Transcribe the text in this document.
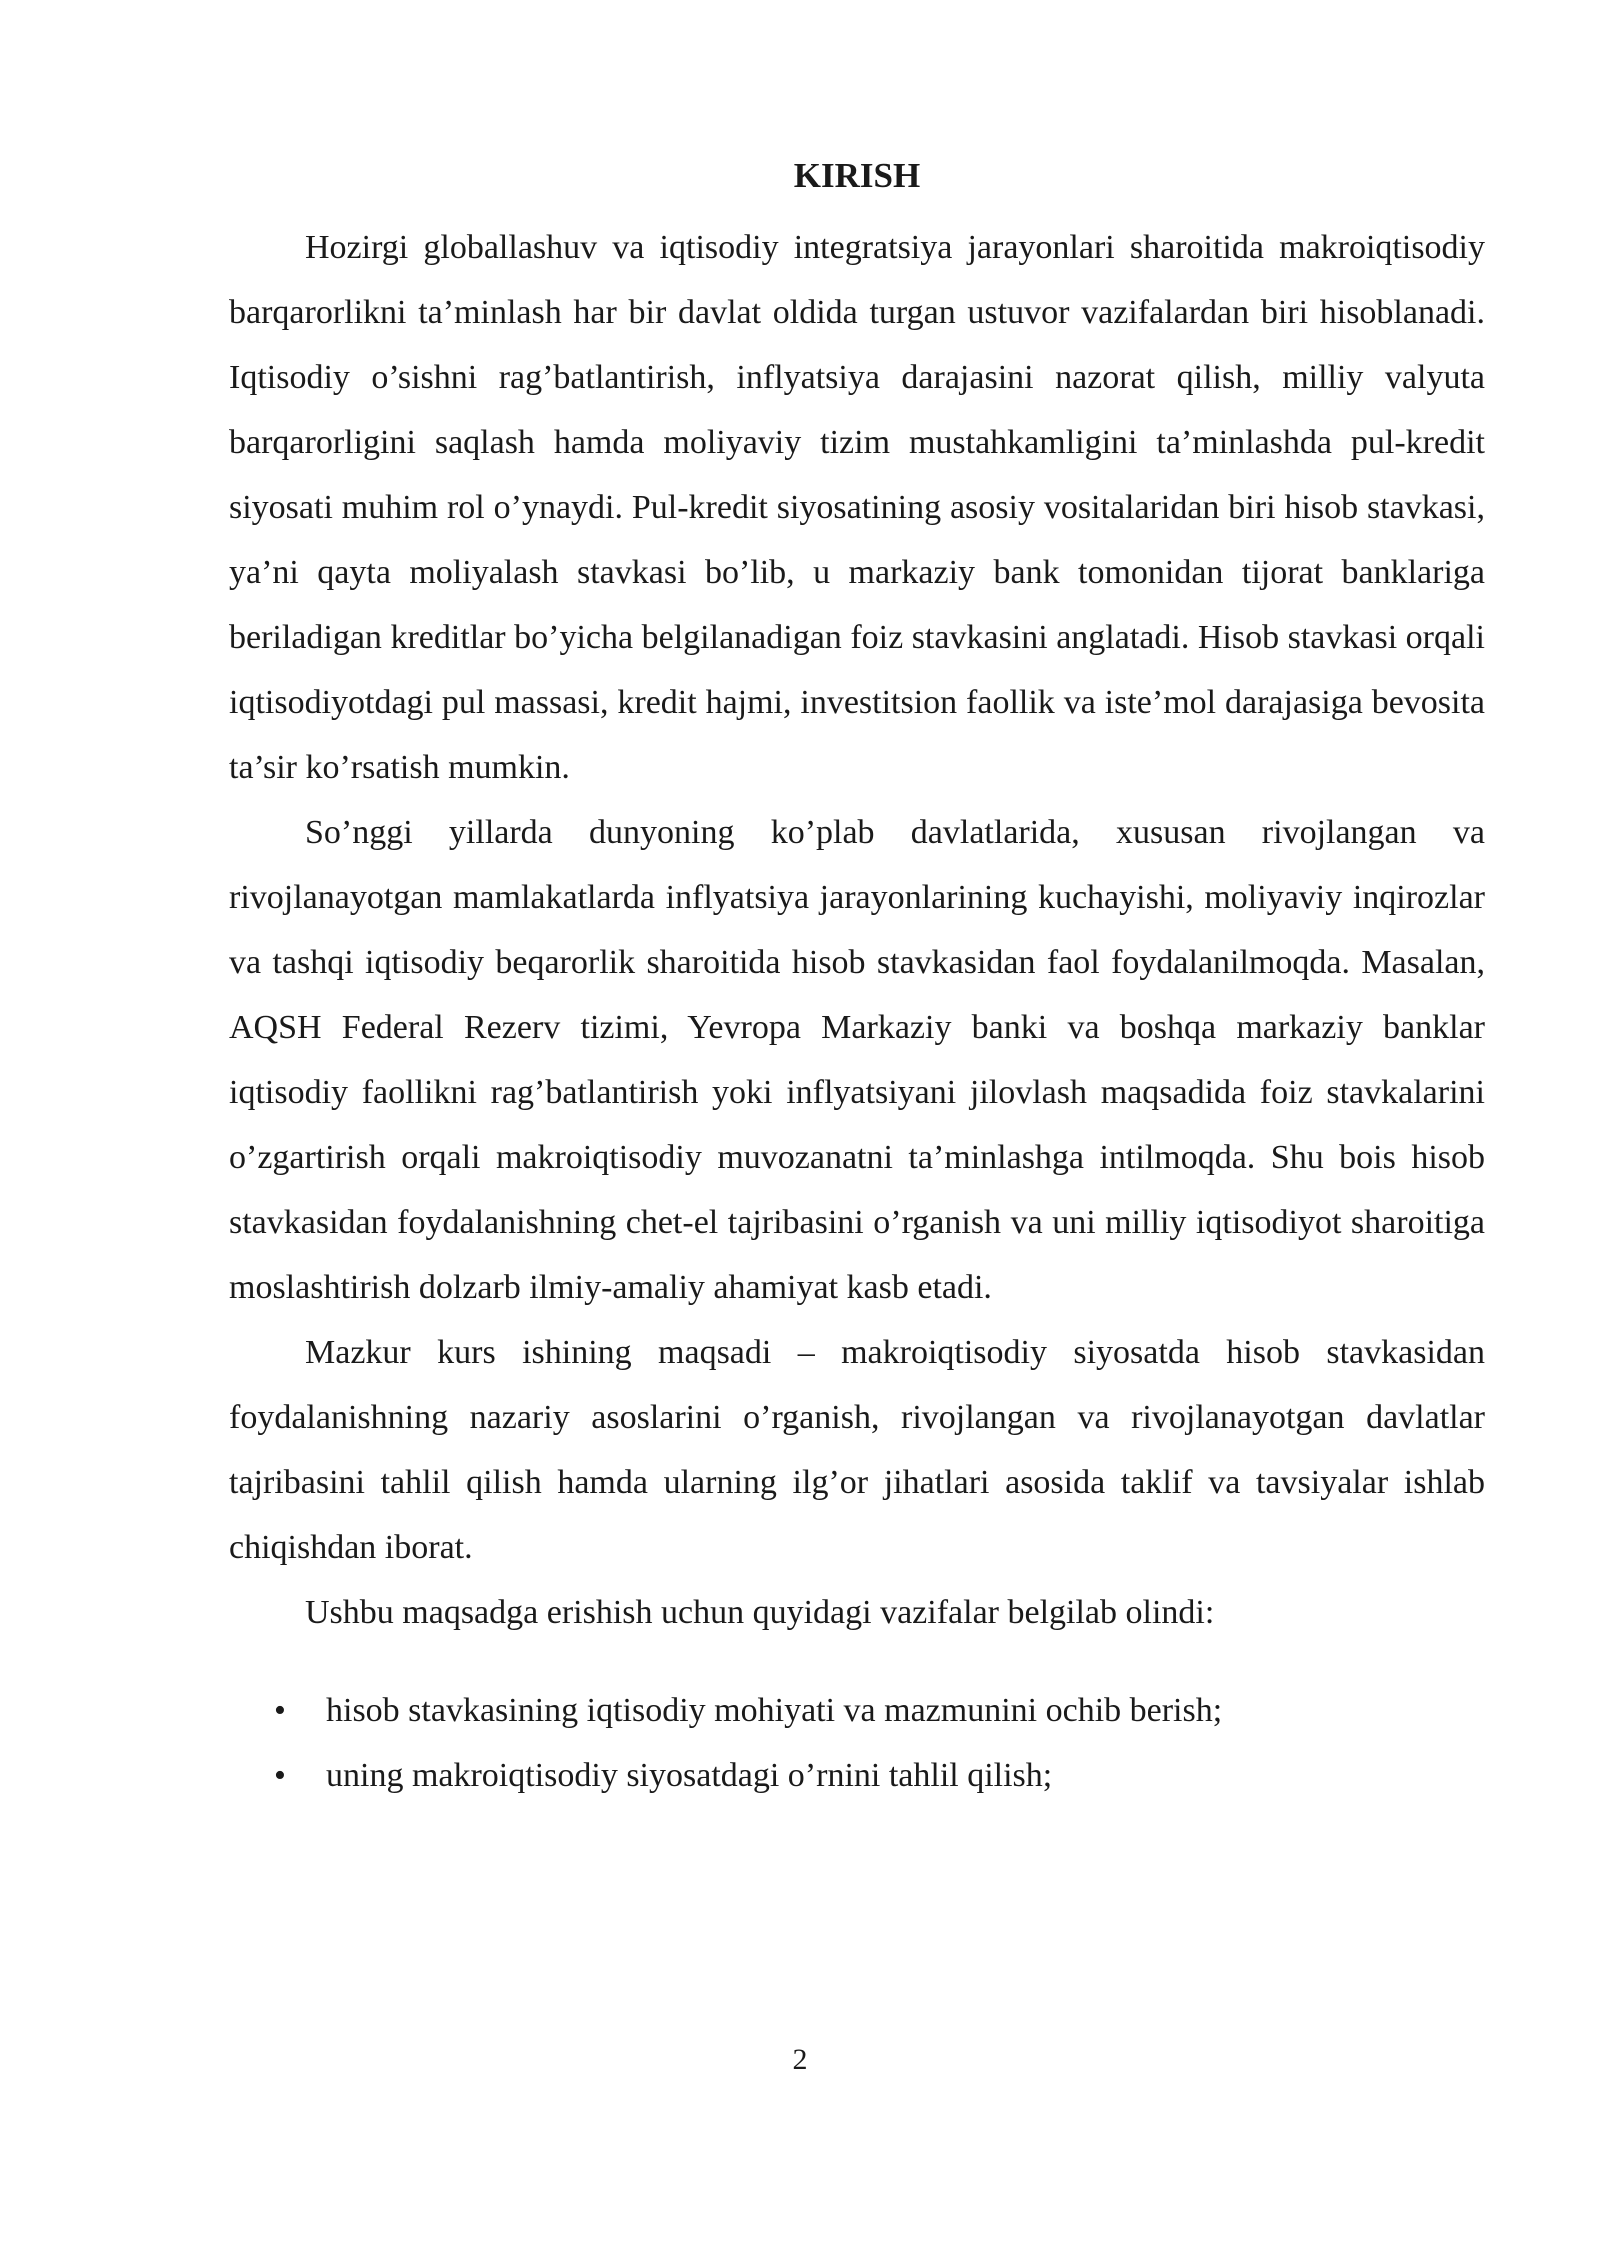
KIRISH

Hozirgi globallashuv va iqtisodiy integratsiya jarayonlari sharoitida makroiqtisodiy barqarorlikni ta’minlash har bir davlat oldida turgan ustuvor vazifalardan biri hisoblanadi. Iqtisodiy o’sishni rag’batlantirish, inflyatsiya darajasini nazorat qilish, milliy valyuta barqarorligini saqlash hamda moliyaviy tizim mustahkamligini ta’minlashda pul-kredit siyosati muhim rol o’ynaydi. Pul-kredit siyosatining asosiy vositalaridan biri hisob stavkasi, ya’ni qayta moliyalash stavkasi bo’lib, u markaziy bank tomonidan tijorat banklariga beriladigan kreditlar bo’yicha belgilanadigan foiz stavkasini anglatadi. Hisob stavkasi orqali iqtisodiyotdagi pul massasi, kredit hajmi, investitsion faollik va iste’mol darajasiga bevosita ta’sir ko’rsatish mumkin.

So’nggi yillarda dunyoning ko’plab davlatlarida, xususan rivojlangan va rivojlanayotgan mamlakatlarda inflyatsiya jarayonlarining kuchayishi, moliyaviy inqirozlar va tashqi iqtisodiy beqarorlik sharoitida hisob stavkasidan faol foydalanilmoqda. Masalan, AQSH Federal Rezerv tizimi, Yevropa Markaziy banki va boshqa markaziy banklar iqtisodiy faollikni rag’batlantirish yoki inflyatsiyani jilovlash maqsadida foiz stavkalarini o’zgartirish orqali makroiqtisodiy muvozanatni ta’minlashga intilmoqda. Shu bois hisob stavkasidan foydalanishning chet-el tajribasini o’rganish va uni milliy iqtisodiyot sharoitiga moslashtirish dolzarb ilmiy-amaliy ahamiyat kasb etadi.

Mazkur kurs ishining maqsadi – makroiqtisodiy siyosatda hisob stavkasidan foydalanishning nazariy asoslarini o’rganish, rivojlangan va rivojlanayotgan davlatlar tajribasini tahlil qilish hamda ularning ilg’or jihatlari asosida taklif va tavsiyalar ishlab chiqishdan iborat.

Ushbu maqsadga erishish uchun quyidagi vazifalar belgilab olindi:

• hisob stavkasining iqtisodiy mohiyati va mazmunini ochib berish;
• uning makroiqtisodiy siyosatdagi o’rnini tahlil qilish;
2
